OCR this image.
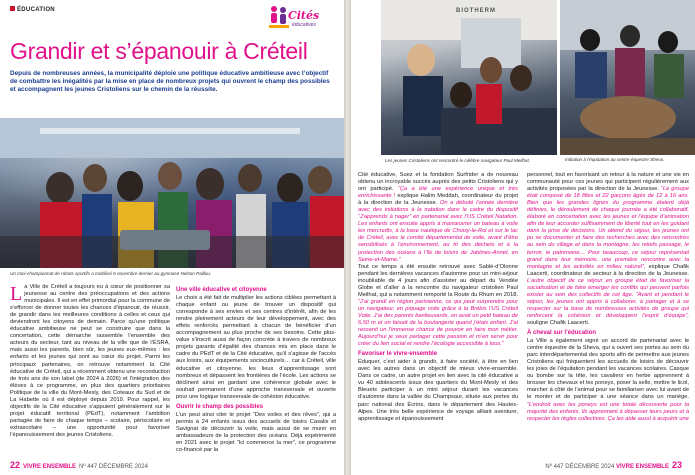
ÉDUCATION	Cités
éducatives
Grandir et s’épanouir à Créteil

Depuis de nombreuses années, la municipalité déploie une politique éducative ambitieuse avec l’objectif de combattre les inégalités par la mise en place de nombreux projets qui ouvrent le champ des possibles et accompagnent les jeunes Cristoliens sur le chemin de la réussite.

Un mini-championnat de robots sportifs a mobilisé 6 novembre dernier au gymnase Nelson Paillou.

La Ville de Créteil a toujours eu à cœur de positionner sa jeunesse au centre des préoccupations et des actions municipales. Il est en effet primordial pour la commune de s’efforcer de donner toutes les chances d’épanouir, de réussir, de grandir dans les meilleures conditions à celles et ceux qui deviendront les citoyens de demain. Parce qu’une politique éducative ambitieuse ne peut se construire que dans la concertation, cette démarche rassemble l’ensemble des acteurs du secteur, tant au niveau de la ville que de l’ÉSRA, mais aussi les parents, bien sûr, les jeunes eux-mêmes : les enfants et les jeunes qui sont au cœur du projet. Parmi les principaux partenaires, on retrouve notamment la Cité éducative de Créteil, qui a récemment obtenu une reconduction de trois ans de son label (de 2024 à 2026) et l’intégration des élèves à ce programme, en plus des quartiers prioritaires Politique de la ville du Mont-Mesly, des Coteaux du Sud et de La Habette où il est déployé depuis 2019. Pour rappel, les objectifs de la Cité éducative s’appuient généralement sur le projet éducatif territorial (PEdT), notamment l’ambition partagée de faire de chaque temps – scolaire, périscolaire et extrascolaire – une opportunité pour favoriser l’épanouissement des jeunes Cristoliens.
Une ville éducative et citoyenne

Le choix a été fait de multiplier les actions ciblées permettant à chaque enfant ou jeune de trouver un dispositif qui corresponde à ses envies et ses centres d’intérêt, afin de les rendre pleinement acteurs de leur développement, avec des effets renforcés permettant à chacun de bénéficier d’un accompagnement au plus proche de ses besoins. Cette plus-value s’inscrit aussi de façon concrète à travers de nombreux projets garants d’égalité des chances mis en place dans le cadre du PEdT et de la Cité éducative, qu’il s’agisse de l’accès aux loisirs, aux équipements socioculturels… car à Créteil, ville éducative et citoyenne, les lieux d’apprentissage sont nombreux et dépassent les frontières de l’école. Les actions se déclinent ainsi en gardant une cohérence globale avec le souhait permanent d’une approche transversale et ouverte pour une logique transversale de cohésion éducative.

Ouvrir le champ des possibles

L’un peut ainsi citer le projet “Des voiles et des rêves”, qui a permis à 24 enfants issus des accueils de loisirs Casalis et Savignat de découvrir la voile, mais aussi de se munir en ambassadeurs de la protection des océans. Déjà expérimenté en 2021 avec le projet “Ici commence la mer”, ce programme co-financé par la

22 VIVRE ENSEMBLE Nº 447 DÉCEMBRE 2024
BIOTHERM

Les jeunes Cristoliens ont rencontré le célèbre navigateur Paul Meilhat.	Initiation à l’équitation au centre équestre Sheva.

Cité éducative, Suez et la fondation Surfrider a de nouveau obtenu un incroyable succès auprès des petits Cristoliens qui y ont participé. “Ça a été une expérience unique et très enrichissante ! explique Halim Meddah, coordinateur du projet à la direction de la Jeunesse. On a débuté l’année dernière avec des initiations à la natation dans le cadre du dispositif “J’apprends à nager” en partenariat avec l’US Créteil Natation. Les enfants ont ensuite appris à manœuvrer un bateau à voile les mercredis, à la base nautique de Choisy-le-Roi et sur le lac de Créteil, avec le comité départemental de voile, avant d’être sensibilisés à l’environnement, au tri des déchets et à la protection des océans à l’île de loisirs de Jablines-Annet, en Seine-et-Marne.”

Tout ce temps a été ensuite retrouvé avec Sablé-d’Olonne pendant les dernières vacances d’automne pour un mini-séjour inoubliable de 4 jours afin d’assister au départ du Vendée Globe et d’aller à la rencontre du navigateur cristolien Paul Meilhat, qui a notamment remporté la Route du Rhum en 2018. “J’ai grandi en région parisienne, ce qui peut surprendre pour un navigateur, en piquage voile grâce à la Brébis l’US Créteil Voile. J’ai des parents banlieusards, on avait un petit bateau de 6,50 m et on faisait de la boulangerie quand j’étais enfant. J’ai ressenti un l’immense chance de pouvoir en faire mon métier. Aujourd’hui je veux partager cette passion et m’en servir pour créer du lien social et rendre l’écologie accessible à tous.”

Favoriser le vivre-ensemble

Éduquer, c’est aider à grandir, à faire société, à être en lien avec les autres dans un objectif de mieux vivre-ensemble. Dans ce cadre, un autre projet en lien avec la cité éducative a vu 40 adolescents issus des quartiers du Mont-Mesly et des Bleuets participer à un mini séjour durant les vacances d’automne dans la vallée du Champsaur, située aux portes du parc national des Écrins, dans le département des Hautes-Alpes. Une très belle expérience de voyage alliant aventure, apprentissage et épanouissement

personnel, tout en favorisant un retour à la nature et une vie en communauté pour ces jeunes qui participent régulièrement aux activités proposées par la direction de la Jeunesse. “Le groupe était composé de 18 filles et 22 garçons âgés de 12 à 16 ans. Bien que les grandes lignes du programme étaient déjà définies, le déroulement de chaque journée a été collaboratif, élaboré en concertation avec les jeunes et l’équipe d’animation afin de leur accorder suffisamment de liberté tout en les guidant dans la prise de décisions. Un attend du séjour, les jeunes ont pu se documenter et faire des recherches avec des rencontres au sein du village et dans la montagne, les reliefs passage, le terroir, le patrimoine… Pour beaucoup, ce séjour représentait grand dans leur mémoire, une première rencontre avec la montagne et les activités en milieu naturel”, explique Chafik Laacerti, coordinateur de secteur à la direction de la Jeunesse. L’autre objectif de ce séjour en groupe était de favoriser la socialisation et de faire émerger les conflits qui peuvent parfois exister au sein des collectifs de cet âge. “Avant et pendant le séjour, les jeunes ont appris à collaborer, à partager et à se respecter sur la base de nombreuses activités de groupe qui renforcent la cohésion et développent l’esprit d’équipe”, souligne Chafik Laacerti.

À cheval sur l’éducation

La Ville a également signé un accord de partenariat avec le centre équestre de la Sheva, qui a ouvert ses portes au sein du parc interdépartemental des sports afin de permettre aux jeunes Cristoliens qui fréquentent les accueils de loisirs de découvrir les joies de l’équitation pendant les vacances scolaires. Casque ou bombe sur la tête, les cavaliers en herbe apprennent à brosser les chevaux et les poneys, poser la selle, mettre le licol, marcher à côté de l’animal pour se familiariser avec lui avant de le monter et de participer à une séance dans un manège. “L’endroit avec les poneys est une totale découverte pour la majorité des enfants. Ils apprennent à dépasser leurs peurs et à respecter les règles collectives. Ça les aide aussi à acquérir une

Nº 447 DÉCEMBRE 2024 VIVRE ENSEMBLE 23
